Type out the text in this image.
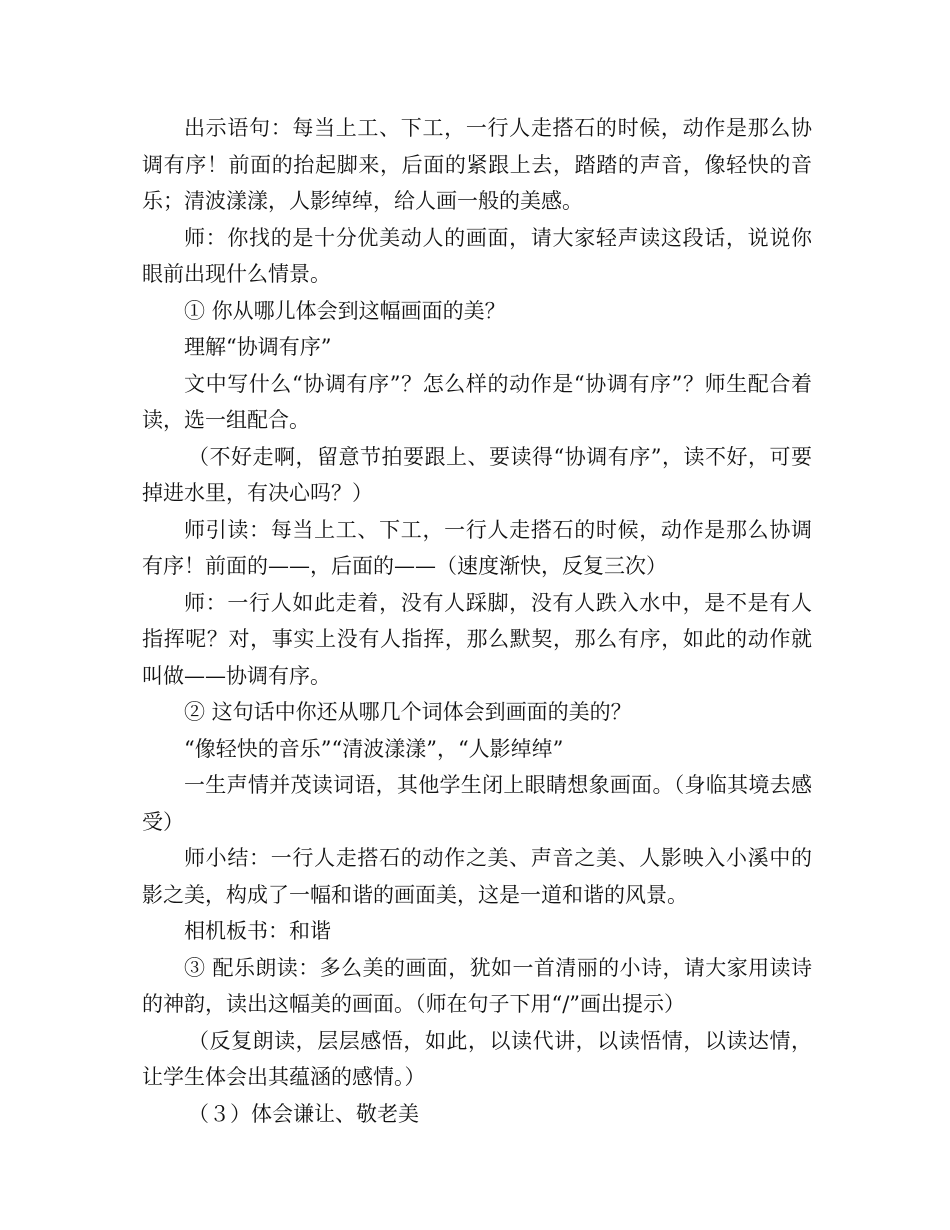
出示语句：每当上工、下工，一行人走搭石的时候，动作是那么协调有序！前面的抬起脚来，后面的紧跟上去，踏踏的声音，像轻快的音乐；清波漾漾，人影绰绰，给人画一般的美感。

师：你找的是十分优美动人的画面，请大家轻声读这段话，说说你眼前出现什么情景。

① 你从哪儿体会到这幅画面的美？

理解“协调有序”

文中写什么“协调有序”？怎么样的动作是“协调有序”？师生配合着读，选一组配合。

（不好走啊，留意节拍要跟上、要读得“协调有序”，读不好，可要掉进水里，有决心吗？）

师引读：每当上工、下工，一行人走搭石的时候，动作是那么协调有序！前面的——，后面的——（速度渐快，反复三次）

师：一行人如此走着，没有人踩脚，没有人跌入水中，是不是有人指挥呢？对，事实上没有人指挥，那么默契，那么有序，如此的动作就叫做——协调有序。

② 这句话中你还从哪几个词体会到画面的美的？

“像轻快的音乐”“清波漾漾”，“人影绰绰”

一生声情并茂读词语，其他学生闭上眼睛想象画面。（身临其境去感受）

师小结：一行人走搭石的动作之美、声音之美、人影映入小溪中的影之美，构成了一幅和谐的画面美，这是一道和谐的风景。

相机板书：和谐

③ 配乐朗读：多么美的画面，犹如一首清丽的小诗，请大家用读诗的神韵，读出这幅美的画面。（师在句子下用“/”画出提示）

（反复朗读，层层感悟，如此，以读代讲，以读悟情，以读达情，让学生体会出其蕴涵的感情。）

（３）体会谦让、敬老美
